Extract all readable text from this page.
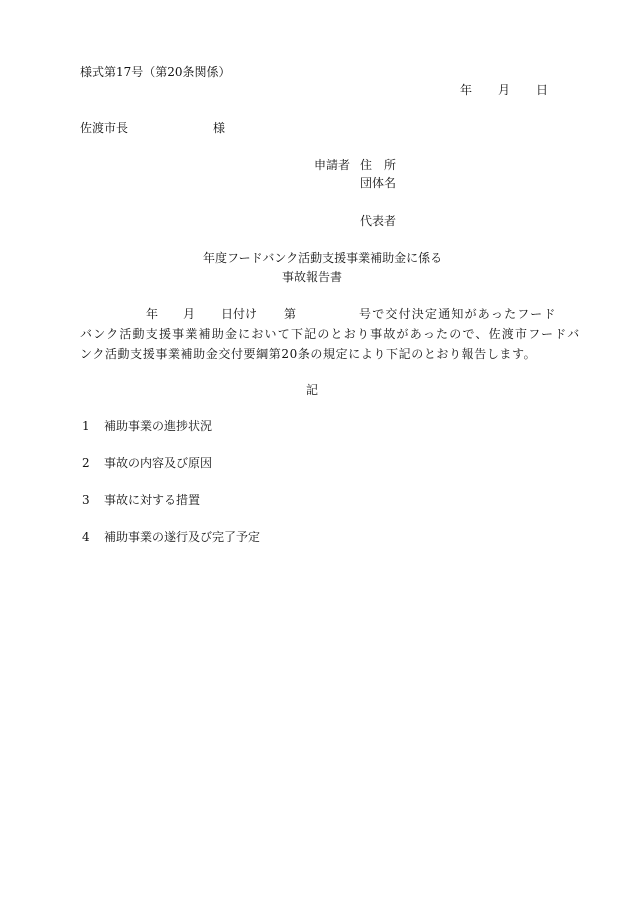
様式第17号（第20条関係）
年 月 日
佐渡市長	様
申請者 住　所
団体名
代表者
年度フードバンク活動支援事業補助金に係る
事故報告書
年 月 日付け 第	号で交付決定通知があったフード
バンク活動支援事業補助金において下記のとおり事故があったので、佐渡市フードバ
ンク活動支援事業補助金交付要綱第20条の規定により下記のとおり報告します。
記
1 補助事業の進捗状況
2 事故の内容及び原因
3 事故に対する措置
4 補助事業の遂行及び完了予定
